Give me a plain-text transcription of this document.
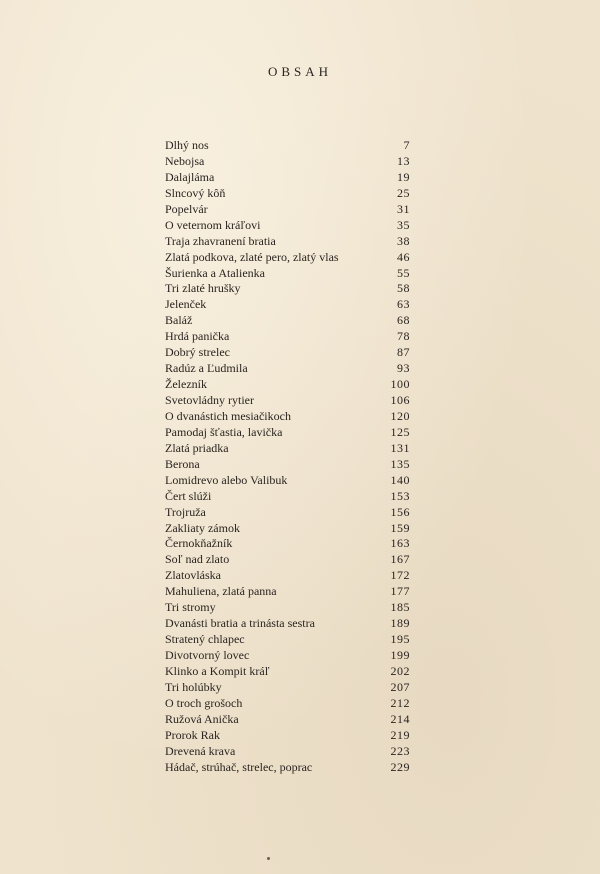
OBSAH
Dlhý nos	7
Nebojsa	13
Dalajláma	19
Slncový kôň	25
Popelvár	31
O veternom kráľovi	35
Traja zhavranení bratia	38
Zlatá podkova, zlaté pero, zlatý vlas	46
Šurienka a Atalienka	55
Tri zlaté hrušky	58
Jelenček	63
Baláž	68
Hrdá panička	78
Dobrý strelec	87
Radúz a Ľudmila	93
Železník	100
Svetovládny rytier	106
O dvanástich mesiačikoch	120
Pamodaj šťastia, lavička	125
Zlatá priadka	131
Berona	135
Lomidrevo alebo Valibuk	140
Čert slúži	153
Trojruža	156
Zakliaty zámok	159
Černokňažník	163
Soľ nad zlato	167
Zlatovláska	172
Mahuliena, zlatá panna	177
Tri stromy	185
Dvanásti bratia a trinásta sestra	189
Stratený chlapec	195
Divotvorný lovec	199
Klinko a Kompit kráľ	202
Tri holúbky	207
O troch grošoch	212
Ružová Anička	214
Prorok Rak	219
Drevená krava	223
Hádač, strúhač, strelec, poprac	229
